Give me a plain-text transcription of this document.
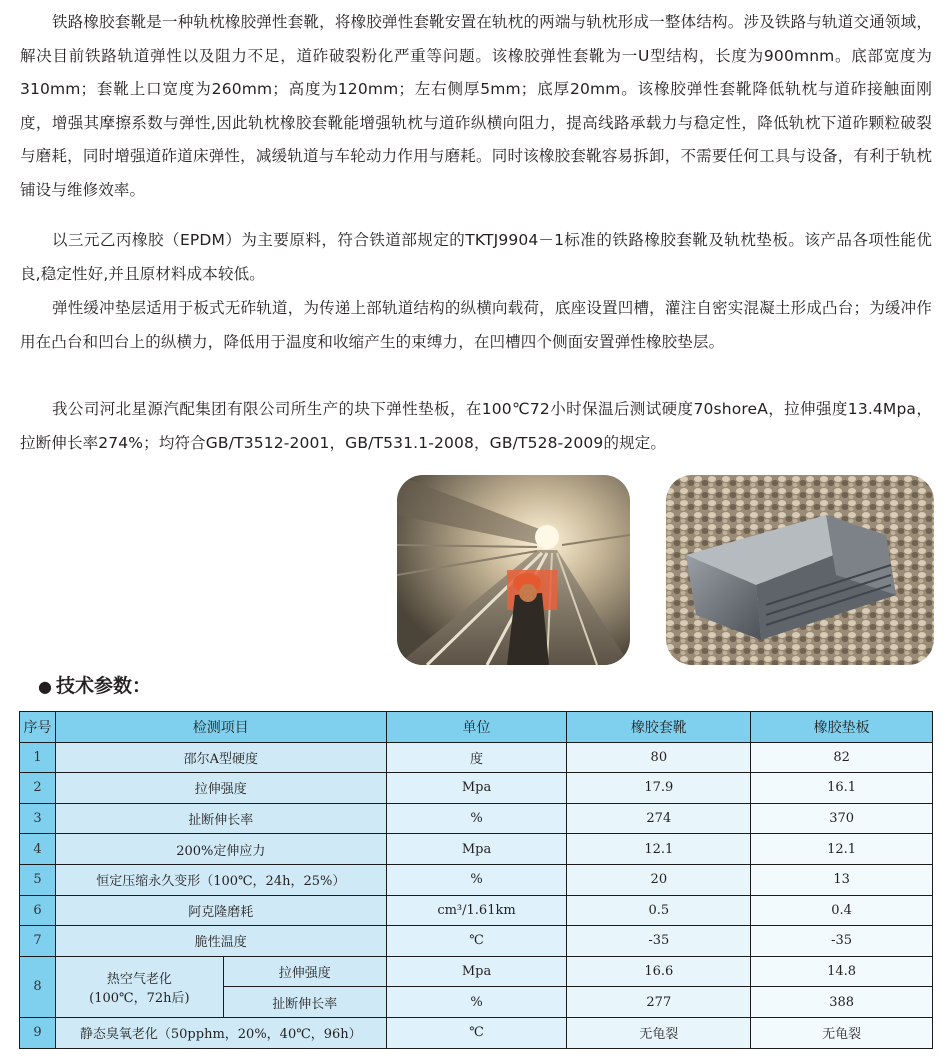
铁路橡胶套靴是一种轨枕橡胶弹性套靴，将橡胶弹性套靴安置在轨枕的两端与轨枕形成一整体结构。涉及铁路与轨道交通领域，解决目前铁路轨道弹性以及阻力不足，道砟破裂粉化严重等问题。该橡胶弹性套靴为一U型结构，长度为900mnm。底部宽度为310mm；套靴上口宽度为260mm；高度为120mm；左右侧厚5mm；底厚20mm。该橡胶弹性套靴降低轨枕与道砟接触面刚度，增强其摩擦系数与弹性,因此轨枕橡胶套靴能增强轨枕与道砟纵横向阻力，提高线路承载力与稳定性，降低轨枕下道砟颗粒破裂与磨耗，同时增强道砟道床弹性，减缓轨道与车轮动力作用与磨耗。同时该橡胶套靴容易拆卸，不需要任何工具与设备，有利于轨枕铺设与维修效率。

以三元乙丙橡胶（EPDM）为主要原料，符合铁道部规定的TKTJ9904－1标准的铁路橡胶套靴及轨枕垫板。该产品各项性能优良,稳定性好,并且原材料成本较低。

弹性缓冲垫层适用于板式无砟轨道，为传递上部轨道结构的纵横向载荷，底座设置凹槽，灌注自密实混凝土形成凸台；为缓冲作用在凸台和凹台上的纵横力，降低用于温度和收缩产生的束缚力，在凹槽四个侧面安置弹性橡胶垫层。

我公司河北星源汽配集团有限公司所生产的块下弹性垫板，在100℃72小时保温后测试硬度70shoreA，拉伸强度13.4Mpa，拉断伸长率274%；均符合GB/T3512-2001，GB/T531.1-2008，GB/T528-2009的规定。

● 技术参数：
序号	检测项目		单位	橡胶套靴	橡胶垫板
1	邵尔A型硬度		度	80	82
2	拉伸强度		Mpa	17.9	16.1
3	扯断伸长率		%	274	370
4	200%定伸应力		Mpa	12.1	12.1
5	恒定压缩永久变形（100℃，24h，25%）		%	20	13
6	阿克隆磨耗		cm³/1.61km	0.5	0.4
7	脆性温度		℃	-35	-35
8	热空气老化
(100℃，72h后)	拉伸强度	Mpa	16.6	14.8
		扯断伸长率	%	277	388
9	静态臭氧老化（50pphm，20%，40℃，96h）		℃	无龟裂	无龟裂
